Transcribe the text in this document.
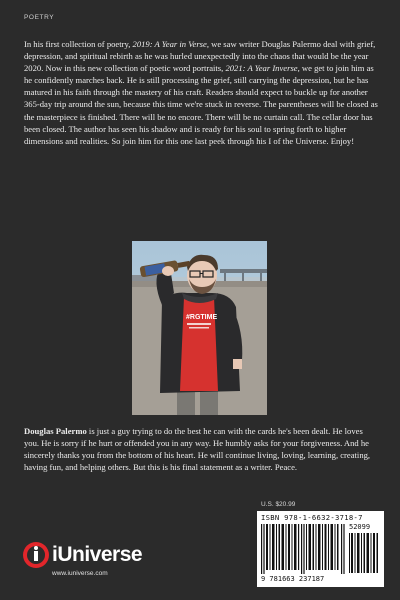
POETRY
In his first collection of poetry, 2019: A Year in Verse, we saw writer Douglas Palermo deal with grief, depression, and spiritual rebirth as he was hurled unexpectedly into the chaos that would be the year 2020. Now in this new collection of poetic word portraits, 2021: A Year Inverse, we get to join him as he confidently marches back. He is still processing the grief, still carrying the depression, but he has matured in his faith through the mastery of his craft. Readers should expect to buckle up for another 365-day trip around the sun, because this time we're stuck in reverse. The parentheses will be closed as the masterpiece is finished. There will be no encore. There will be no curtain call. The cellar door has been closed. The author has seen his shadow and is ready for his soul to spring forth to higher dimensions and realities. So join him for this one last peek through his I of the Universe. Enjoy!
#RGTIME
Douglas Palermo is just a guy trying to do the best he can with the cards he's been dealt. He loves you. He is sorry if he hurt or offended you in any way. He humbly asks for your forgiveness. And he sincerely thanks you from the bottom of his heart. He will continue living, loving, learning, creating, having fun, and helping others. But this is his final statement as a writer. Peace.
iUniverse
www.iuniverse.com
U.S. $20.99
ISBN 978-1-6632-3718-7
52099
9 781663 237187
